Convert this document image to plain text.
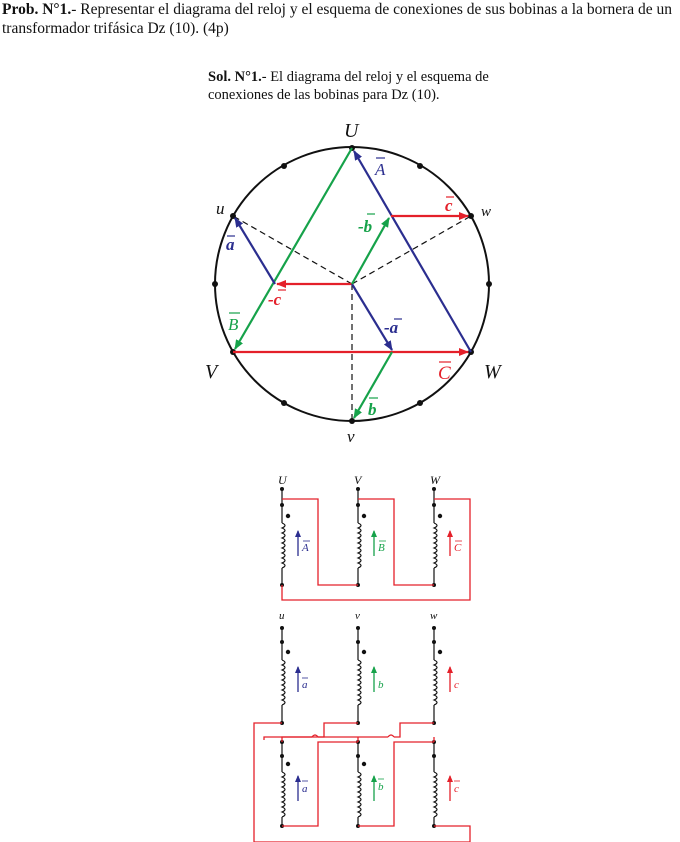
Prob. N°1.- Representar el diagrama del reloj y el esquema de conexiones de sus bobinas a la bornera de un transformador trifásica Dz (10). (4p)
Sol. N°1.- El diagrama del reloj y el esquema de conexiones de las bobinas para Dz (10).
U
V	W
u
v
w
A
B
C
a
-b
c
-c
-a
b
U	V	W
A	B	C
u	v	w
a	b	c
a	b	c
